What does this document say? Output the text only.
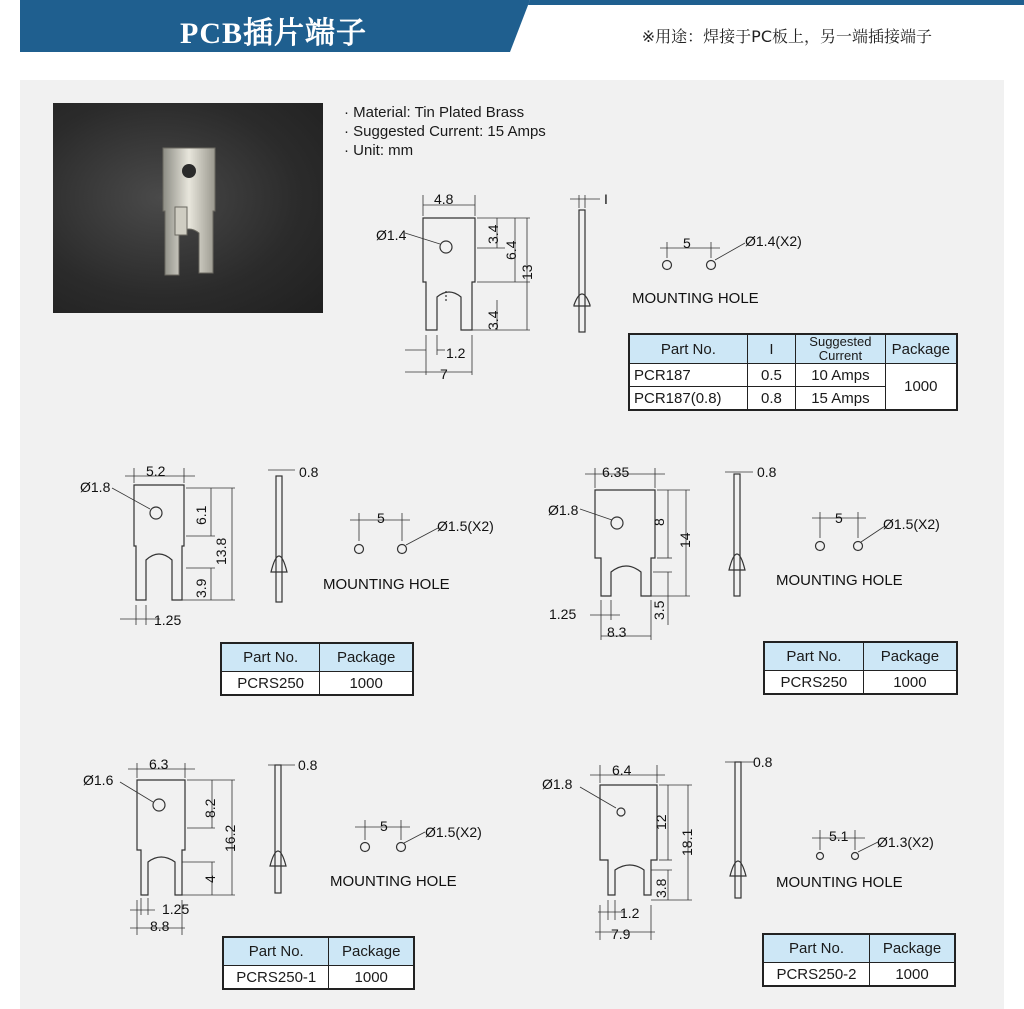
PCB插片端子	※用途：焊接于PC板上，另一端插接端子
· Material: Tin Plated Brass
· Suggested Current: 15 Amps
· Unit: mm
4.8
Ø1.4	3.4
6.4
13
3.4
1.2
7
I
5	Ø1.4(X2)
MOUNTING HOLE
5.2
Ø1.8
6.1
13.8
3.9
1.25
0.8
5	Ø1.5(X2)
MOUNTING HOLE
6.35
Ø1.8
8
14
3.5
1.25
8.3
0.8
5	Ø1.5(X2)
MOUNTING HOLE
6.3
Ø1.6
8.2
16.2
4
1.25
8.8
0.8
5	Ø1.5(X2)
MOUNTING HOLE
6.4
Ø1.8
12
18.1
3.8
1.2
7.9
0.8
5.1 Ø1.3(X2)
MOUNTING HOLE
Part No.	I	Suggested Current	Package
PCR187	0.5	10 Amps	1000
PCR187(0.8)	0.8	15 Amps	
Part No.	Package
PCRS250	1000
Part No.	Package
PCRS250	1000
Part No.	Package
PCRS250-1	1000
Part No.	Package
PCRS250-2	1000
